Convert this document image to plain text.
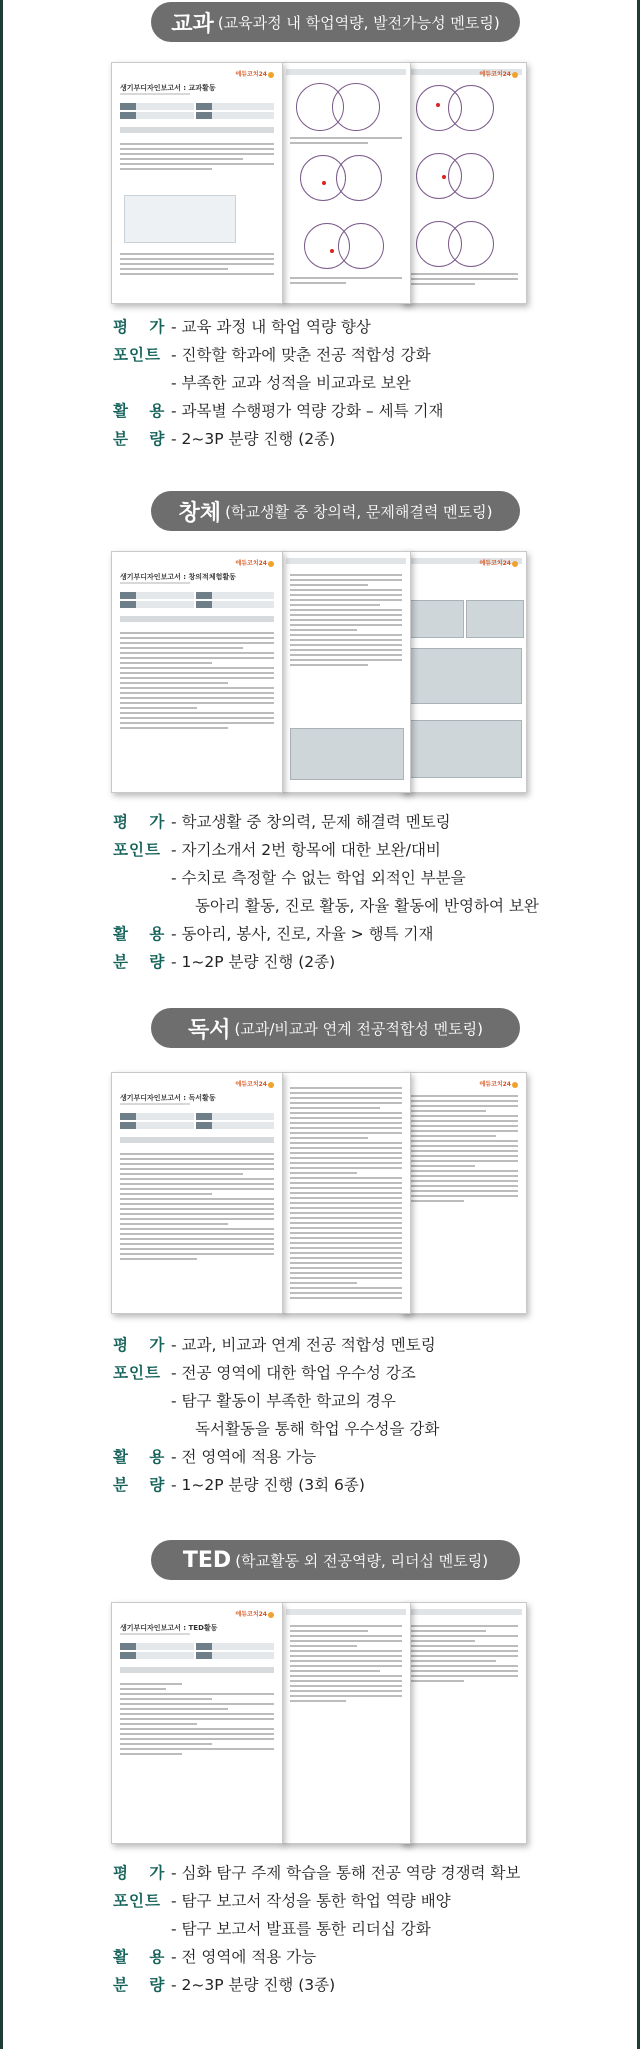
교과 (교육과정 내 학업역량, 발전가능성 멘토링)
에듀코치24
에듀코치24
생기부디자인보고서 : 교과활동
평 가
- 교육 과정 내 학업 역량 향상
포인트 - 진학할 학과에 맞춘 전공 적합성 강화
- 부족한 교과 성적을 비교과로 보완
활 용
- 과목별 수행평가 역량 강화 – 세특 기재
분 량
- 2~3P 분량 진행 (2종)
창체 (학교생활 중 창의력, 문제해결력 멘토링)
에듀코치24
에듀코치24
생기부디자인보고서 : 창의적체험활동
평 가
- 학교생활 중 창의력, 문제 해결력 멘토링
포인트 - 자기소개서 2번 항목에 대한 보완/대비
- 수치로 측정할 수 없는 학업 외적인 부분을
동아리 활동, 진로 활동, 자율 활동에 반영하여 보완
활 용
- 동아리, 봉사, 진로, 자율 > 행특 기재
분 량
- 1~2P 분량 진행 (2종)
독서 (교과/비교과 연계 전공적합성 멘토링)
에듀코치24
에듀코치24
생기부디자인보고서 : 독서활동
평 가
- 교과, 비교과 연계 전공 적합성 멘토링
포인트 - 전공 영역에 대한 학업 우수성 강조
- 탐구 활동이 부족한 학교의 경우
독서활동을 통해 학업 우수성을 강화
활 용
- 전 영역에 적용 가능
분 량
- 1~2P 분량 진행 (3회 6종)
TED (학교활동 외 전공역량, 리더십 멘토링)
에듀코치24
생기부디자인보고서 : TED활동
평 가
- 심화 탐구 주제 학습을 통해 전공 역량 경쟁력 확보
포인트 - 탐구 보고서 작성을 통한 학업 역량 배양
- 탐구 보고서 발표를 통한 리더십 강화
활 용
- 전 영역에 적용 가능
분 량
- 2~3P 분량 진행 (3종)
